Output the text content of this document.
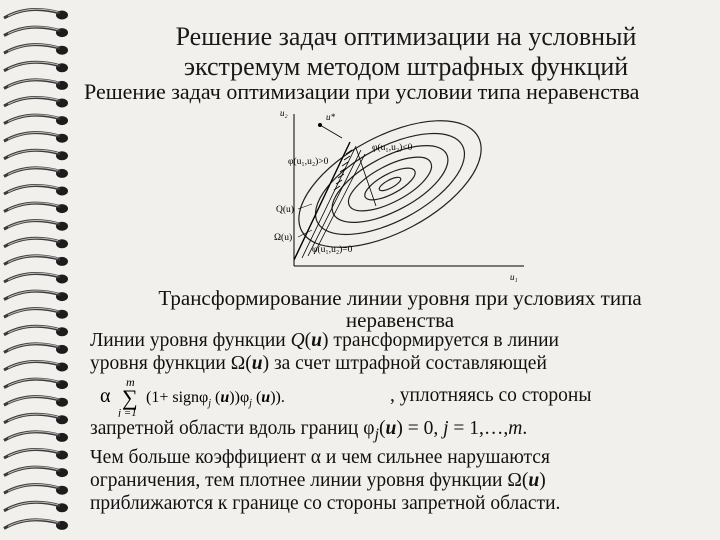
Решение задач оптимизации на условный
экстремум методом штрафных функций
Решение задач оптимизации при условии типа неравенства
u₂
u₁
u*
φ(u₁,u₂)<0
φ(u₁,u₂)>0
φ(u₁,u₂)=0
Q(u)
Ω(u)
Трансформирование линии уровня при условиях типа
неравенства
Линии уровня функции Q(u) трансформируется в линии
уровня функции Ω(u) за счет штрафной составляющей
α
m
∑
j =1
(1+ signφ$_j$ $(u))\varphi_j$ (u)).	, уплотняясь со стороны
запретной области вдоль границ $\varphi_j(u) = 0$, j = 1,…,m.
Чем больше коэффициент α и чем сильнее нарушаются
ограничения, тем плотнее линии уровня функции Ω(u)
приближаются к границе со стороны запретной области.
